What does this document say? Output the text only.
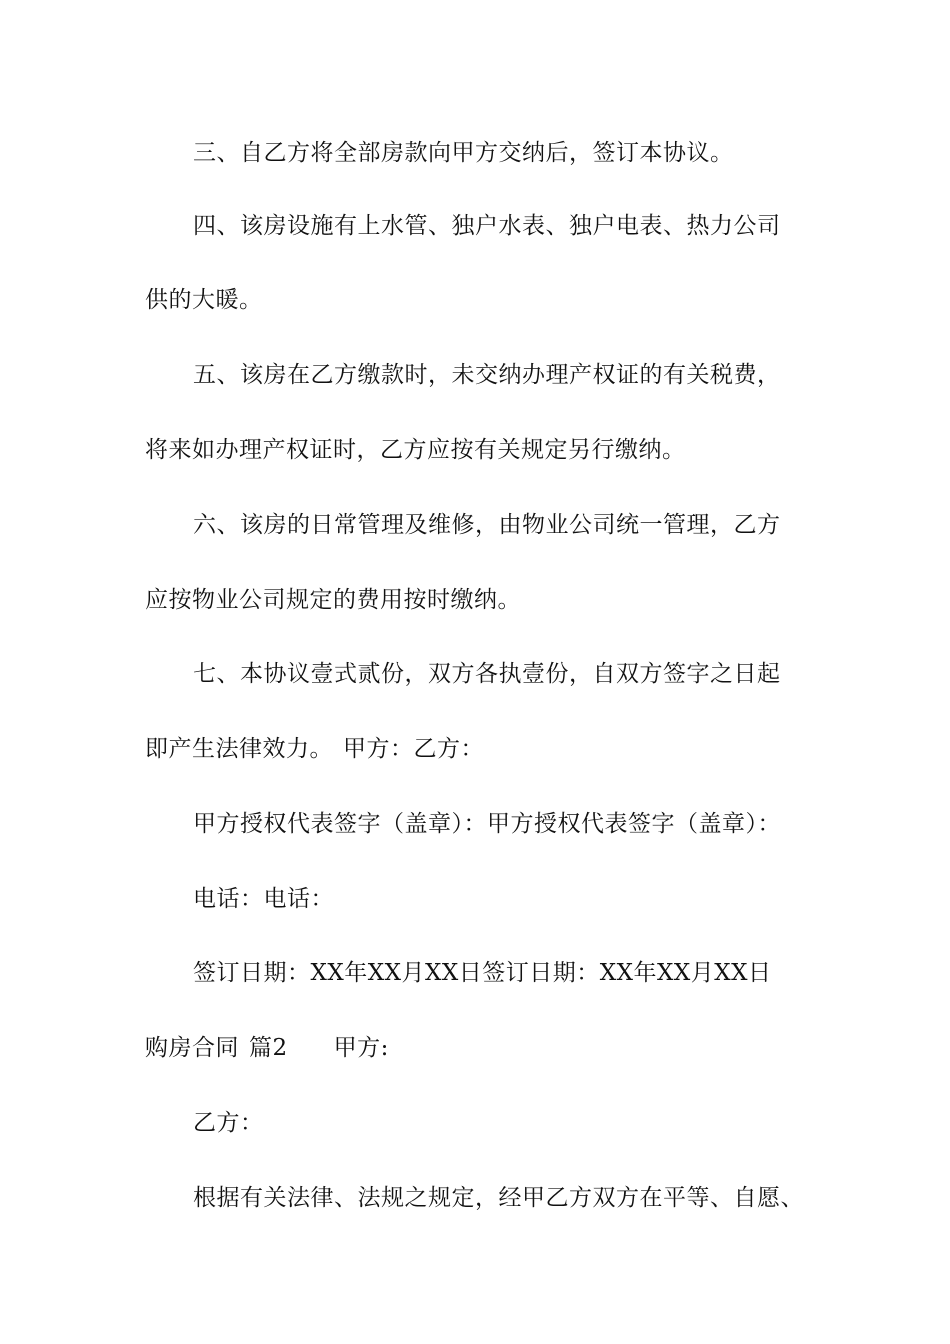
三、自乙方将全部房款向甲方交纳后，签订本协议。
四、该房设施有上水管、独户水表、独户电表、热力公司
供的大暖。
五、该房在乙方缴款时，未交纳办理产权证的有关税费，
将来如办理产权证时，乙方应按有关规定另行缴纳。
六、该房的日常管理及维修，由物业公司统一管理，乙方
应按物业公司规定的费用按时缴纳。
七、本协议壹式贰份，双方各执壹份，自双方签字之日起
即产生法律效力。 甲方：乙方：
甲方授权代表签字（盖章）：甲方授权代表签字（盖章）：
电话：电话：
签订日期：XX年XX月XX日签订日期：XX年XX月XX日
购房合同 篇2 甲方:
乙方：
根据有关法律、法规之规定，经甲乙方双方在平等、自愿、
